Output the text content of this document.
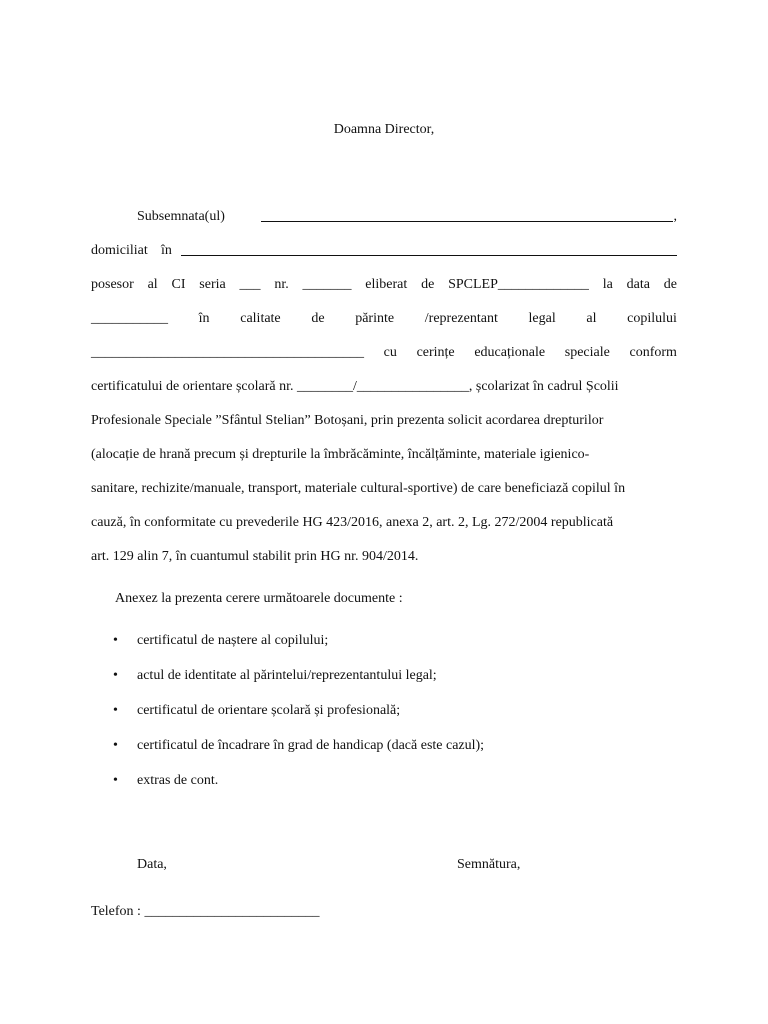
Doamna Director,
Subsemnata(ul)	,
domiciliat în
posesor al CI seria ___ nr. _______ eliberat de SPCLEP_____________ la data de
___________ în calitate de părinte /reprezentant legal al copilului
_______________________________________ cu cerințe educaționale speciale conform
certificatului de orientare școlară nr. ________/________________, școlarizat în cadrul Școlii
Profesionale Speciale ”Sfântul Stelian” Botoșani, prin prezenta solicit acordarea drepturilor
(alocație de hrană precum și drepturile la îmbrăcăminte, încălțăminte, materiale igienico-
sanitare, rechizite/manuale, transport, materiale cultural-sportive) de care beneficiază copilul în
cauză, în conformitate cu prevederile HG 423/2016, anexa 2, art. 2, Lg. 272/2004 republicată
art. 129 alin 7, în cuantumul stabilit prin HG nr. 904/2014.
Anexez la prezenta cerere următoarele documente :
• certificatul de naștere al copilului;
• actul de identitate al părintelui/reprezentantului legal;
• certificatul de orientare școlară și profesională;
• certificatul de încadrare în grad de handicap (dacă este cazul);
• extras de cont.
Data,	Semnătura,
Telefon : _________________________
